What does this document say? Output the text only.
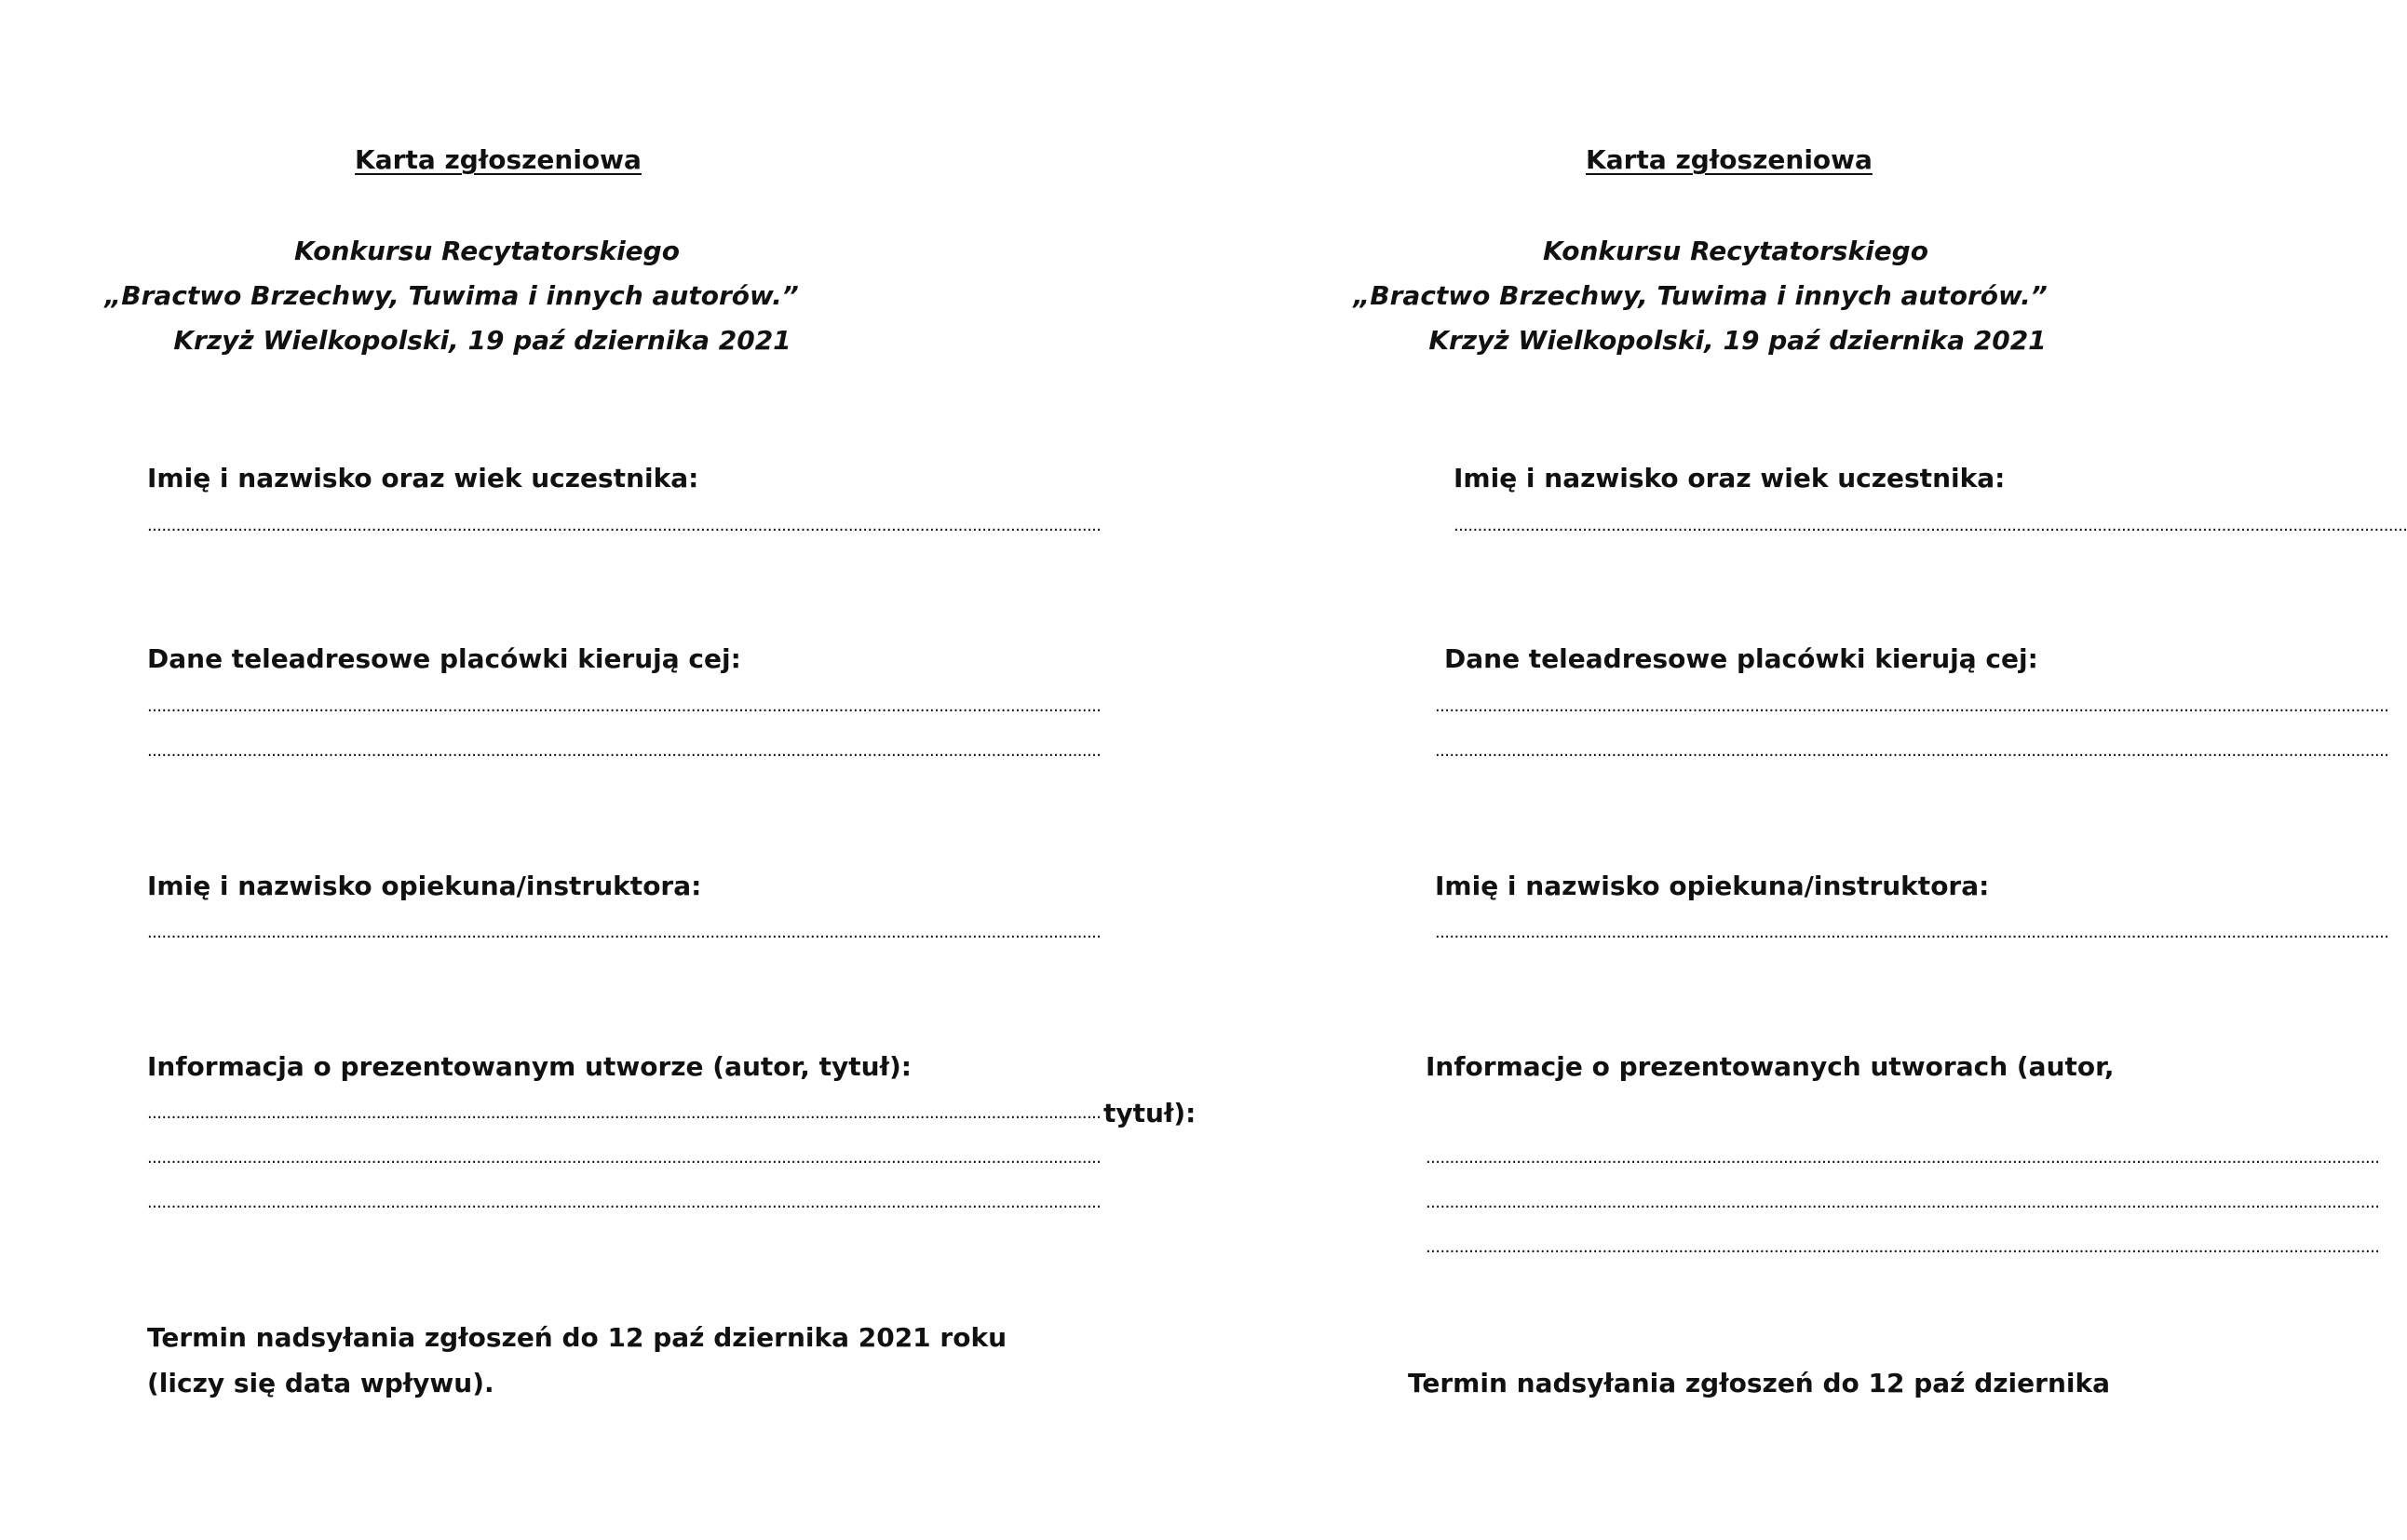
Karta zgłoszeniowa
Konkursu Recytatorskiego
„Bractwo Brzechwy, Tuwima i innych autorów.”
Krzyż Wielkopolski, 19 paź dziernika 2021
Imię i nazwisko oraz wiek uczestnika:
........................................................................................................................................................................................................
Dane teleadresowe placówki kierują cej:
........................................................................................................................................................................................................
........................................................................................................................................................................................................
Imię i nazwisko opiekuna/instruktora:
........................................................................................................................................................................................................
Informacja o prezentowanym utworze (autor, tytuł):
........................................................................................................................................................................................................
........................................................................................................................................................................................................
........................................................................................................................................................................................................
Termin nadsyłania zgłoszeń do 12 paź dziernika 2021 roku
(liczy się data wpływu).
Karta zgłoszeniowa
Konkursu Recytatorskiego
„Bractwo Brzechwy, Tuwima i innych autorów.”
Krzyż Wielkopolski, 19 paź dziernika 2021
Imię i nazwisko oraz wiek uczestnika:
........................................................................................................................................................................................................
Dane teleadresowe placówki kierują cej:
........................................................................................................................................................................................................
........................................................................................................................................................................................................
Imię i nazwisko opiekuna/instruktora:
........................................................................................................................................................................................................
Informacje o prezentowanych utworach (autor,
tytuł):
........................................................................................................................................................................................................
........................................................................................................................................................................................................
........................................................................................................................................................................................................
Termin nadsyłania zgłoszeń do 12 paź dziernika
